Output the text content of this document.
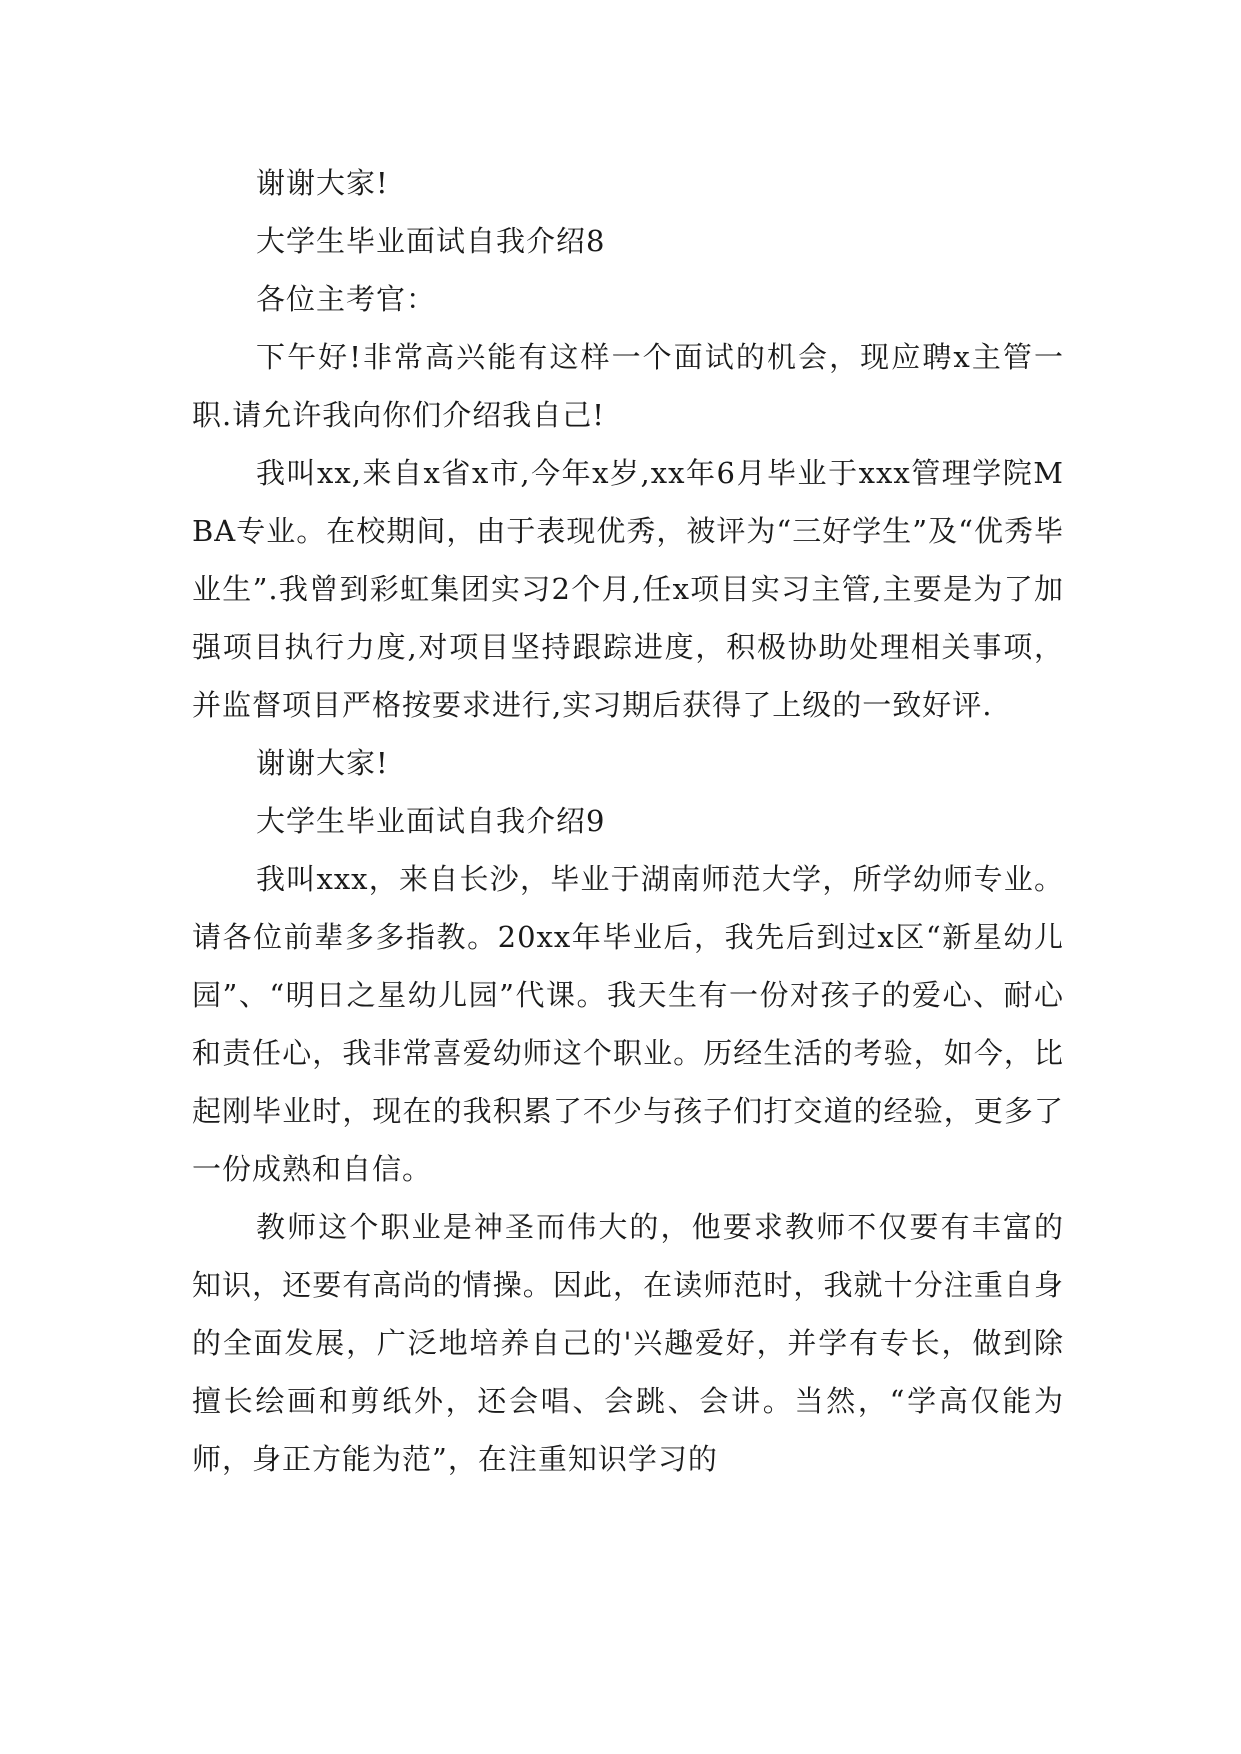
谢谢大家!

大学生毕业面试自我介绍8

各位主考官：

下午好!非常高兴能有这样一个面试的机会，现应聘x主管一职.请允许我向你们介绍我自己!

我叫xx,来自x省x市,今年x岁,xx年6月毕业于xxx管理学院MBA专业。在校期间，由于表现优秀，被评为“三好学生”及“优秀毕业生”.我曾到彩虹集团实习2个月,任x项目实习主管,主要是为了加强项目执行力度,对项目坚持跟踪进度，积极协助处理相关事项，并监督项目严格按要求进行,实习期后获得了上级的一致好评.

谢谢大家!

大学生毕业面试自我介绍9

我叫xxx，来自长沙，毕业于湖南师范大学，所学幼师专业。请各位前辈多多指教。20xx年毕业后，我先后到过x区“新星幼儿园”、“明日之星幼儿园”代课。我天生有一份对孩子的爱心、耐心和责任心，我非常喜爱幼师这个职业。历经生活的考验，如今，比起刚毕业时，现在的我积累了不少与孩子们打交道的经验，更多了一份成熟和自信。

教师这个职业是神圣而伟大的，他要求教师不仅要有丰富的知识，还要有高尚的情操。因此，在读师范时，我就十分注重自身的全面发展，广泛地培养自己的'兴趣爱好，并学有专长，做到除擅长绘画和剪纸外，还会唱、会跳、会讲。当然，“学高仅能为师，身正方能为范”，在注重知识学习的
